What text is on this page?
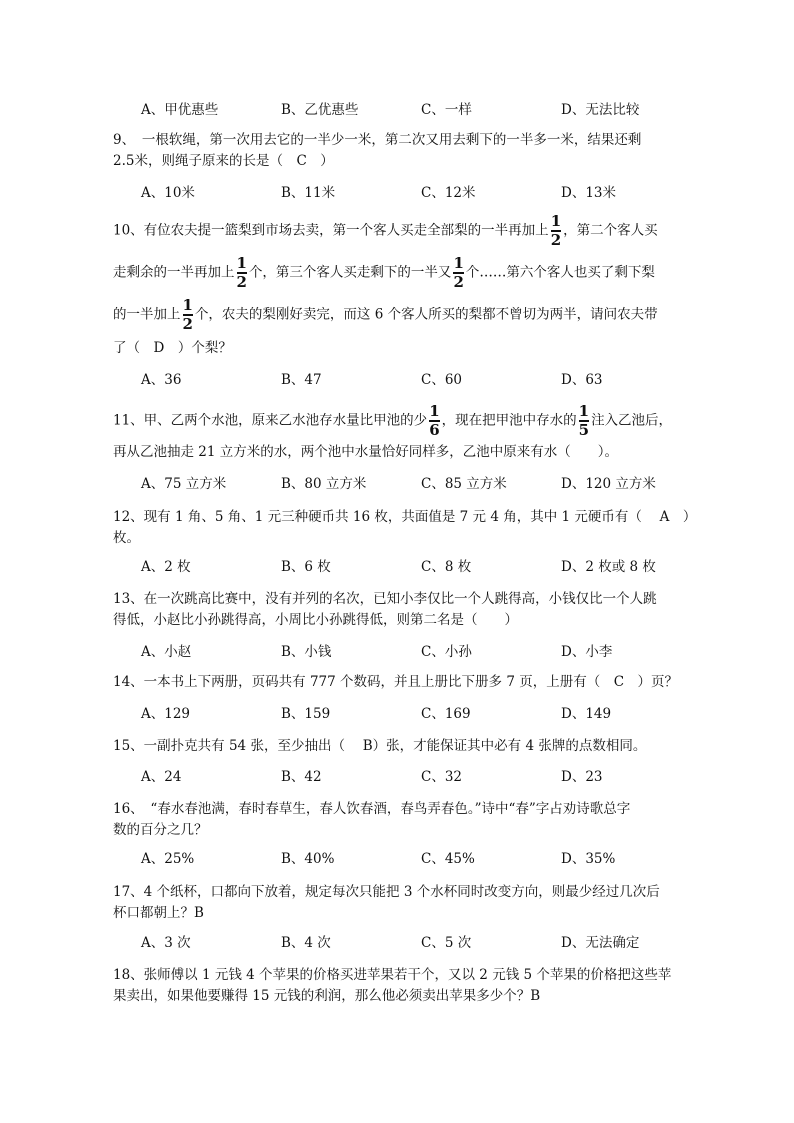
A、甲优惠些	B、乙优惠些	C、一样	D、无法比较
9、　一根软绳，第一次用去它的一半少一米，第二次又用去剩下的一半多一米，结果还剩
2.5米，则绳子原来的长是（　C　）
A、10米	B、11米	C、12米	D、13米
10、有位农夫提一篮梨到市场去卖，第一个客人买走全部梨的一半再加上 $\frac{1}{2}$ ，第二个客人买
走剩余的一半再加上 $\frac{1}{2}$ 个，第三个客人买走剩下的一半又 $\frac{1}{2}$ 个……第六个客人也买了剩下梨
的一半加上 $\frac{1}{2}$ 个，农夫的梨刚好卖完，而这 6 个客人所买的梨都不曾切为两半，请问农夫带
了（　D　）个梨？
A、36	B、47	C、60	D、63
11、甲、乙两个水池，原来乙水池存水量比甲池的少 $\frac{1}{6}$ ，现在把甲池中存水的 $\frac{1}{5}$ 注入乙池后，
再从乙池抽走 21 立方米的水，两个池中水量恰好同样多，乙池中原来有水（　　）。
A、75 立方米	B、80 立方米	C、85 立方米	D、120 立方米
12、现有 1 角、5 角、1 元三种硬币共 16 枚，共面值是 7 元 4 角，其中 1 元硬币有（　 A　）
枚。
A、2 枚	B、6 枚	C、8 枚	D、2 枚或 8 枚
13、在一次跳高比赛中，没有并列的名次，已知小李仅比一个人跳得高，小钱仅比一个人跳
得低，小赵比小孙跳得高，小周比小孙跳得低，则第二名是（　　）
A、小赵	B、小钱	C、小孙	D、小李
14、一本书上下两册，页码共有 777 个数码，并且上册比下册多 7 页，上册有（　C　）页？
A、129	B、159	C、169	D、149
15、一副扑克共有 54 张，至少抽出（　 B）张，才能保证其中必有 4 张牌的点数相同。
A、24	B、42	C、32	D、23
16、　“春水春池满，春时春草生，春人饮春酒，春鸟弄春色。”诗中“春”字占劝诗歌总字
数的百分之几？
A、25%	B、40%	C、45%	D、35%
17、4 个纸杯，口都向下放着，规定每次只能把 3 个水杯同时改变方向，则最少经过几次后
杯口都朝上？B
A、3 次	B、4 次	C、5 次	D、无法确定
18、张师傅以 1 元钱 4 个苹果的价格买进苹果若干个，又以 2 元钱 5 个苹果的价格把这些苹
果卖出，如果他要赚得 15 元钱的利润，那么他必须卖出苹果多少个？B
